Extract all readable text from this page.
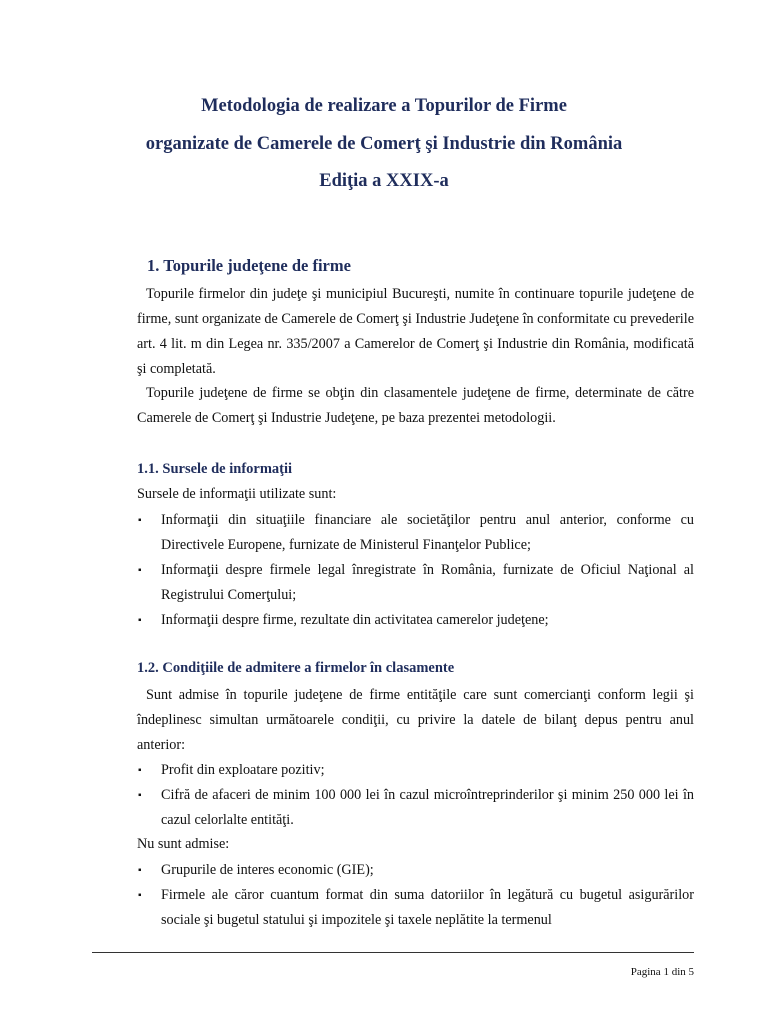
Metodologia de realizare a Topurilor de Firme
organizate de Camerele de Comerţ şi Industrie din România
Ediţia a XXIX-a
1. Topurile judeţene de firme
Topurile firmelor din judeţe şi municipiul Bucureşti, numite în continuare topurile judeţene de firme, sunt organizate de Camerele de Comerţ şi Industrie Judeţene în conformitate cu prevederile art. 4 lit. m din Legea nr. 335/2007 a Camerelor de Comerţ şi Industrie din România, modificată şi completată.
Topurile judeţene de firme se obţin din clasamentele judeţene de firme, determinate de către Camerele de Comerţ şi Industrie Judeţene, pe baza prezentei metodologii.
1.1. Sursele de informaţii
Sursele de informaţii utilizate sunt:
▪ Informaţii din situaţiile financiare ale societăţilor pentru anul anterior, conforme cu Directivele Europene, furnizate de Ministerul Finanţelor Publice;
▪ Informaţii despre firmele legal înregistrate în România, furnizate de Oficiul Naţional al Registrului Comerţului;
▪ Informaţii despre firme, rezultate din activitatea camerelor judeţene;
1.2. Condiţiile de admitere a firmelor în clasamente
Sunt admise în topurile judeţene de firme entităţile care sunt comercianţi conform legii şi îndeplinesc simultan următoarele condiţii, cu privire la datele de bilanţ depus pentru anul anterior:
▪ Profit din exploatare pozitiv;
▪ Cifră de afaceri de minim 100 000 lei în cazul microîntreprinderilor şi minim 250 000 lei în cazul celorlalte entităţi.
Nu sunt admise:
▪ Grupurile de interes economic (GIE);
▪ Firmele ale căror cuantum format din suma datoriilor în legătură cu bugetul asigurărilor sociale şi bugetul statului şi impozitele şi taxele neplătite la termenul
Pagina 1 din 5
